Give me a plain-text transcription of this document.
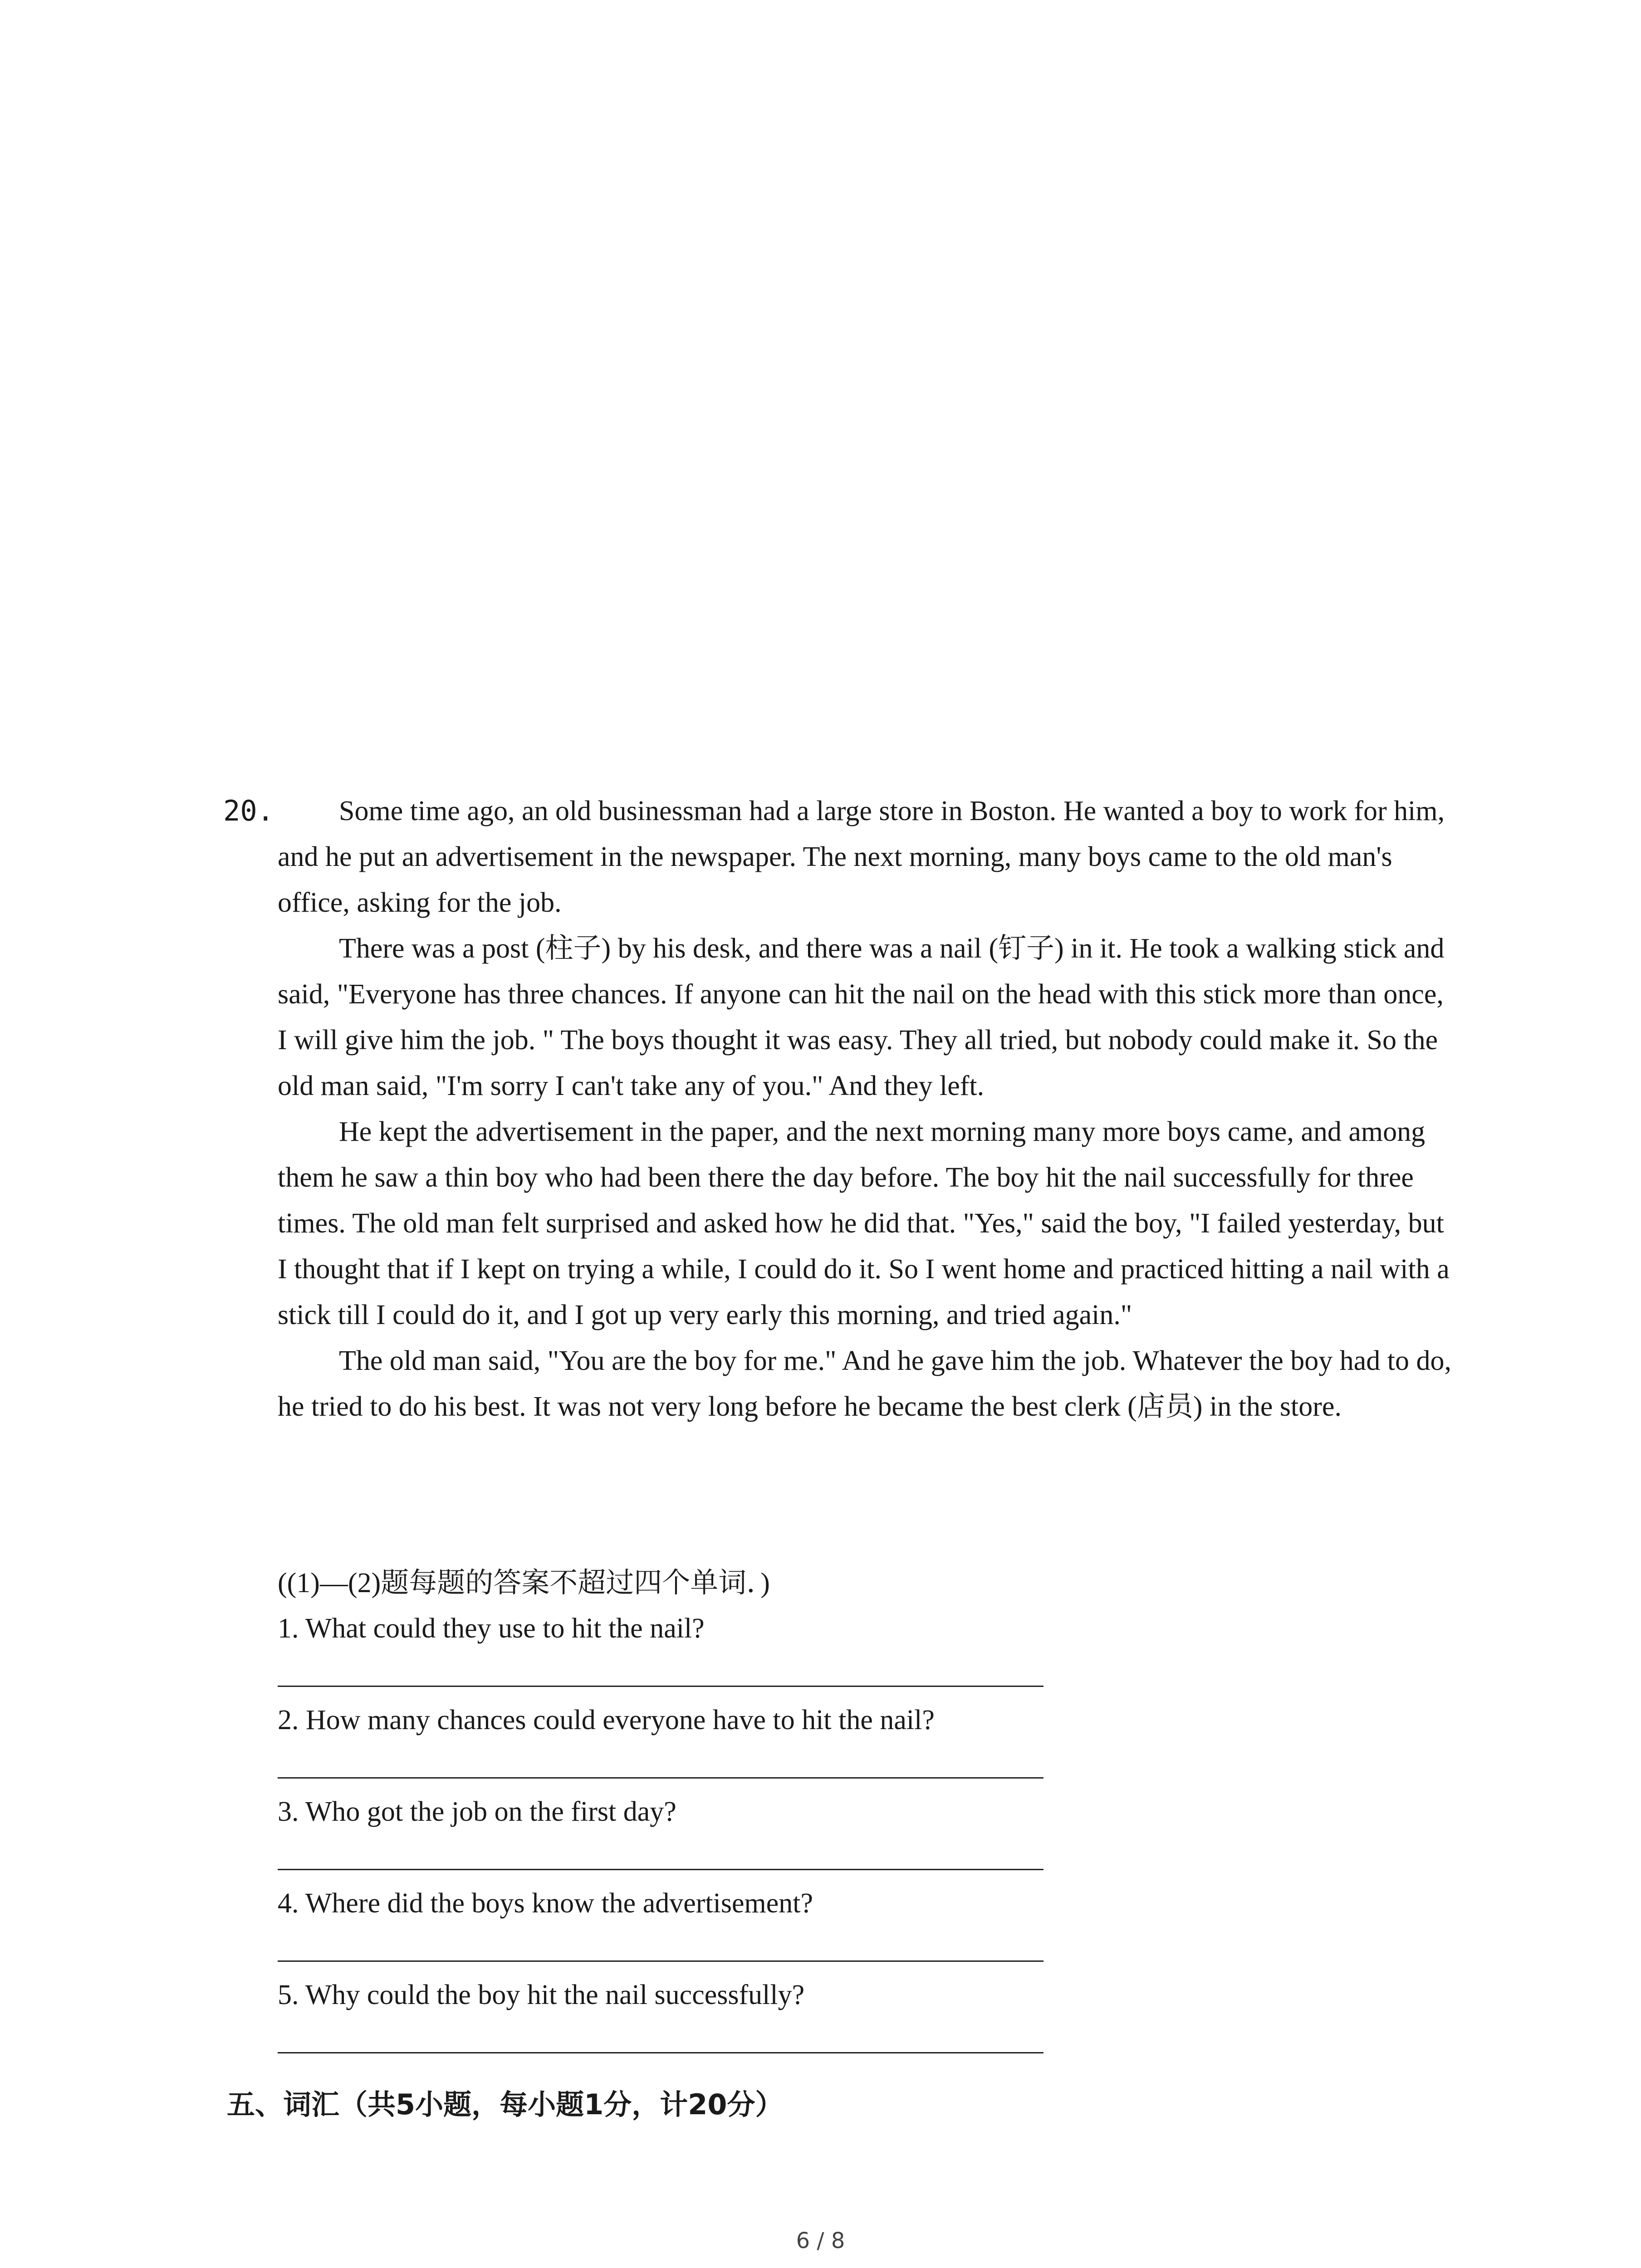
20.	Some time ago, an old businessman had a large store in Boston. He wanted a boy to work for him, and he put an advertisement in the newspaper. The next morning, many boys came to the old man's office, asking for the job.

There was a post (柱子) by his desk, and there was a nail (钉子) in it. He took a walking stick and said, "Everyone has three chances. If anyone can hit the nail on the head with this stick more than once, I will give him the job. " The boys thought it was easy. They all tried, but nobody could make it. So the old man said, "I'm sorry I can't take any of you." And they left.

He kept the advertisement in the paper, and the next morning many more boys came, and among them he saw a thin boy who had been there the day before. The boy hit the nail successfully for three times. The old man felt surprised and asked how he did that. "Yes," said the boy, "I failed yesterday, but I thought that if I kept on trying a while, I could do it. So I went home and practiced hitting a nail with a stick till I could do it, and I got up very early this morning, and tried again."

The old man said, "You are the boy for me." And he gave him the job. Whatever the boy had to do, he tried to do his best. It was not very long before he became the best clerk (店员) in the store.

((1)—(2)题每题的答案不超过四个单词．)
1. What could they use to hit the nail?
2. How many chances could everyone have to hit the nail?
3. Who got the job on the first day?
4. Where did the boys know the advertisement?
5. Why could the boy hit the nail successfully?
五、词汇（共5小题，每小题1分，计20分）
6 / 8
